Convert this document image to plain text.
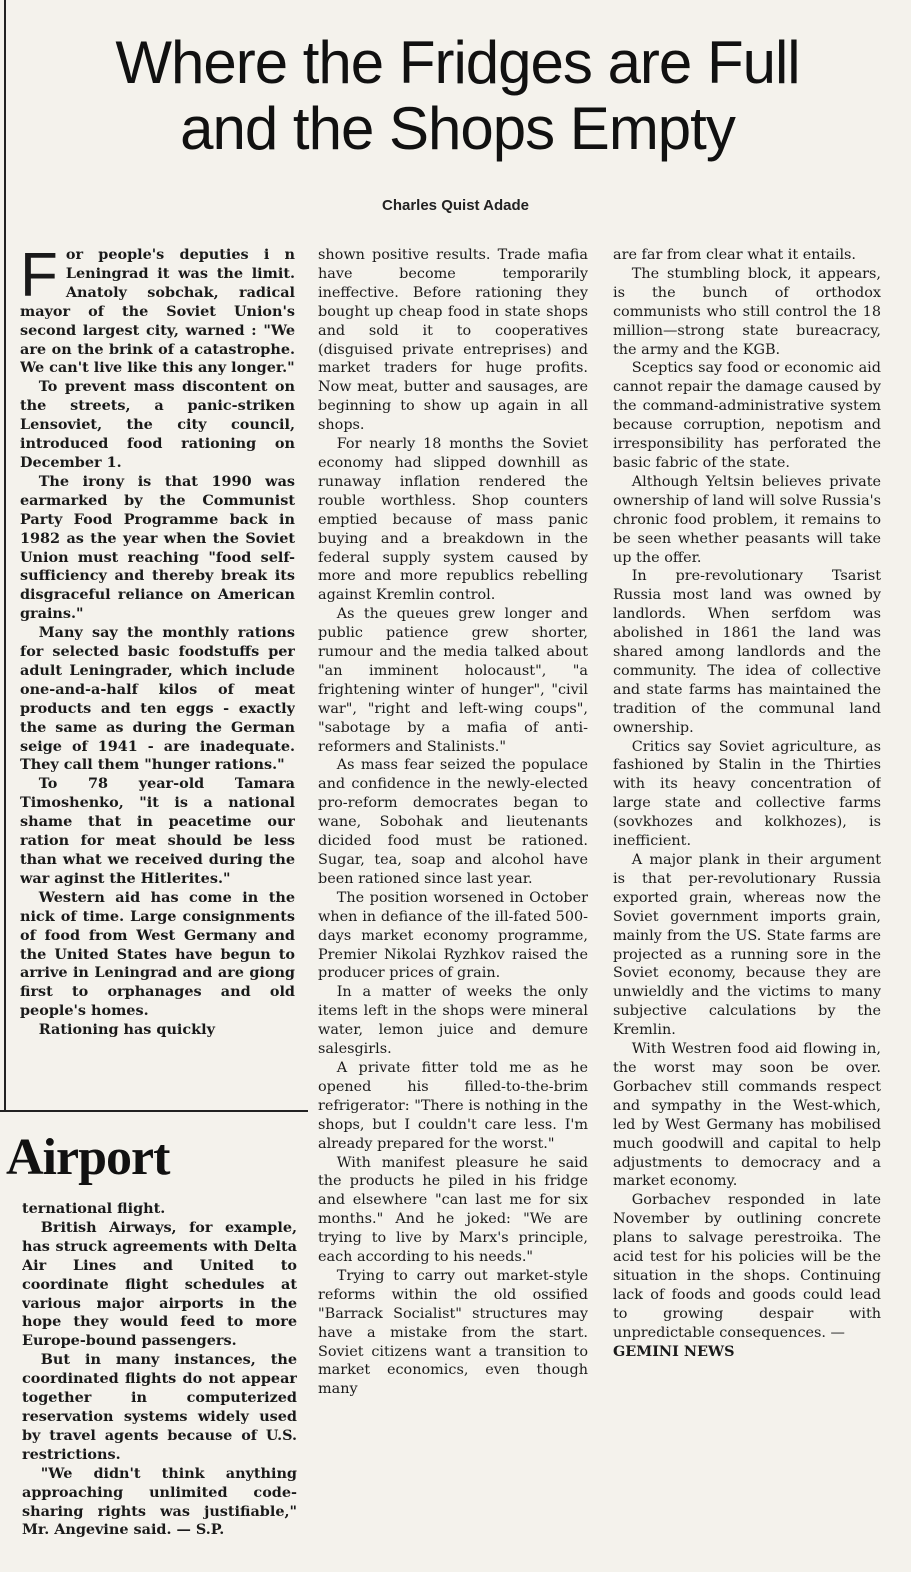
Where the Fridges are Full
and the Shops Empty
Charles Quist Adade
F or people's deputies i n Leningrad it was the limit. Anatoly sobchak, radical mayor of the Soviet Union's second largest city, warned : "We are on the brink of a catastrophe. We can't live like this any longer."

To prevent mass discontent on the streets, a panic-striken Lensoviet, the city council, introduced food rationing on December 1.

The irony is that 1990 was earmarked by the Communist Party Food Programme back in 1982 as the year when the Soviet Union must reaching "food self-sufficiency and thereby break its disgraceful reliance on American grains."

Many say the monthly rations for selected basic foodstuffs per adult Leningrader, which include one-and-a-half kilos of meat products and ten eggs - exactly the same as during the German seige of 1941 - are inadequate. They call them "hunger rations."

To 78 year-old Tamara Timoshenko, "it is a national shame that in peacetime our ration for meat should be less than what we received during the war aginst the Hitlerites."

Western aid has come in the nick of time. Large consignments of food from West Germany and the United States have begun to arrive in Leningrad and are giong first to orphanages and old people's homes.

Rationing has quickly

shown positive results. Trade mafia have become temporarily ineffective. Before rationing they bought up cheap food in state shops and sold it to cooperatives (disguised private entreprises) and market traders for huge profits. Now meat, butter and sausages, are beginning to show up again in all shops.

For nearly 18 months the Soviet economy had slipped downhill as runaway inflation rendered the rouble worthless. Shop counters emptied because of mass panic buying and a breakdown in the federal supply system caused by more and more republics rebelling against Kremlin control.

As the queues grew longer and public patience grew shorter, rumour and the media talked about "an imminent holocaust", "a frightening winter of hunger", "civil war", "right and left-wing coups", "sabotage by a mafia of anti-reformers and Stalinists."

As mass fear seized the populace and confidence in the newly-elected pro-reform democrates began to wane, Sobohak and lieutenants dicided food must be rationed. Sugar, tea, soap and alcohol have been rationed since last year.

The position worsened in October when in defiance of the ill-fated 500-days market economy programme, Premier Nikolai Ryzhkov raised the producer prices of grain.

In a matter of weeks the only items left in the shops were mineral water, lemon juice and demure salesgirls.

A private fitter told me as he opened his filled-to-the-brim refrigerator: "There is nothing in the shops, but I couldn't care less. I'm already prepared for the worst."

With manifest pleasure he said the products he piled in his fridge and elsewhere "can last me for six months." And he joked: "We are trying to live by Marx's principle, each according to his needs."

Trying to carry out market-style reforms within the old ossified "Barrack Socialist" structures may have a mistake from the start. Soviet citizens want a transition to market economics, even though many

are far from clear what it entails.

The stumbling block, it appears, is the bunch of orthodox communists who still control the 18 million—strong state bureacracy, the army and the KGB.

Sceptics say food or economic aid cannot repair the damage caused by the command-administrative system because corruption, nepotism and irresponsibility has perforated the basic fabric of the state.

Although Yeltsin believes private ownership of land will solve Russia's chronic food problem, it remains to be seen whether peasants will take up the offer.

In pre-revolutionary Tsarist Russia most land was owned by landlords. When serfdom was abolished in 1861 the land was shared among landlords and the community. The idea of collective and state farms has maintained the tradition of the communal land ownership.

Critics say Soviet agriculture, as fashioned by Stalin in the Thirties with its heavy concentration of large state and collective farms (sovkhozes and kolkhozes), is inefficient.

A major plank in their argument is that per-revolutionary Russia exported grain, whereas now the Soviet government imports grain, mainly from the US. State farms are projected as a running sore in the Soviet economy, because they are unwieldly and the victims to many subjective calculations by the Kremlin.

With Westren food aid flowing in, the worst may soon be over. Gorbachev still commands respect and sympathy in the West-which, led by West Germany has mobilised much goodwill and capital to help adjustments to democracy and a market economy.

Gorbachev responded in late November by outlining concrete plans to salvage perestroika. The acid test for his policies will be the situation in the shops. Continuing lack of foods and goods could lead to growing despair with unpredictable consequences. —

GEMINI NEWS

Airport

ternational flight.

British Airways, for example, has struck agreements with Delta Air Lines and United to coordinate flight schedules at various major airports in the hope they would feed to more Europe-bound passengers.

But in many instances, the coordinated flights do not appear together in computerized reservation systems widely used by travel agents because of U.S. restrictions.

"We didn't think anything approaching unlimited code-sharing rights was justifiable," Mr. Angevine said. — S.P.
